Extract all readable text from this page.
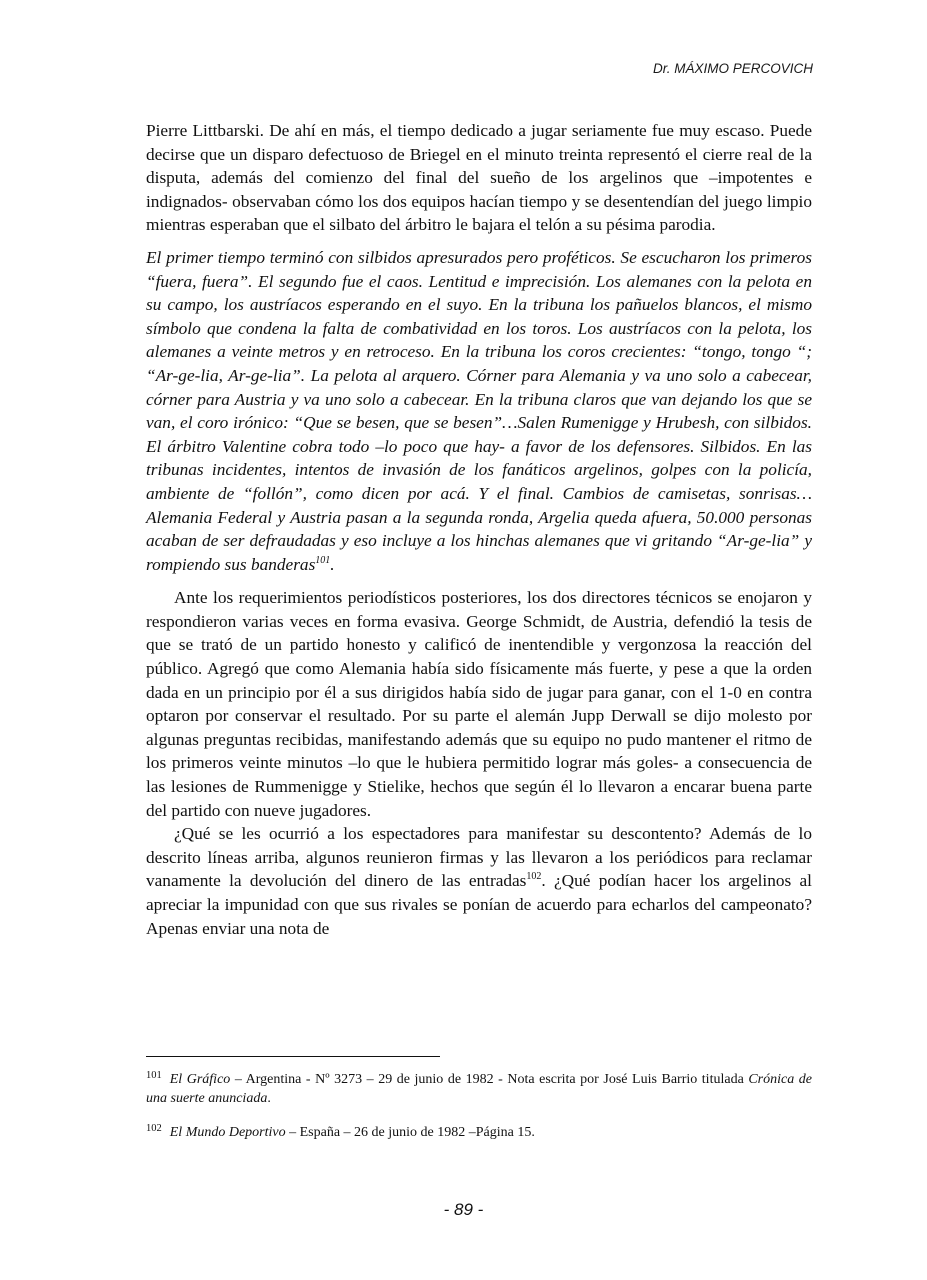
Dr. MÁXIMO PERCOVICH

Pierre Littbarski. De ahí en más, el tiempo dedicado a jugar seriamente fue muy escaso. Puede decirse que un disparo defectuoso de Briegel en el minuto treinta representó el cierre real de la disputa, además del comienzo del final del sueño de los argelinos que –impotentes e indignados- observaban cómo los dos equipos hacían tiempo y se desentendían del juego limpio mientras esperaban que el silbato del árbitro le bajara el telón a su pésima parodia.

El primer tiempo terminó con silbidos apresurados pero proféticos. Se escucharon los primeros “fuera, fuera”. El segundo fue el caos. Lentitud e imprecisión. Los alemanes con la pelota en su campo, los austríacos esperando en el suyo. En la tribuna los pañuelos blancos, el mismo símbolo que condena la falta de combatividad en los toros. Los austríacos con la pelota, los alemanes a veinte metros y en retroceso. En la tribuna los coros crecientes: “tongo, tongo “; “Ar-ge-lia, Ar-ge-lia”. La pelota al arquero. Córner para Alemania y va uno solo a cabecear, córner para Austria y va uno solo a cabecear. En la tribuna claros que van dejando los que se van, el coro irónico: “Que se besen, que se besen”…Salen Rumenigge y Hrubesh, con silbidos. El árbitro Valentine cobra todo –lo poco que hay- a favor de los defensores. Silbidos. En las tribunas incidentes, intentos de invasión de los fanáticos argelinos, golpes con la policía, ambiente de “follón”, como dicen por acá. Y el final. Cambios de camisetas, sonrisas… Alemania Federal y Austria pasan a la segunda ronda, Argelia queda afuera, 50.000 personas acaban de ser defraudadas y eso incluye a los hinchas alemanes que vi gritando “Ar-ge-lia” y rompiendo sus banderas$^{101}$.

Ante los requerimientos periodísticos posteriores, los dos directores técnicos se enojaron y respondieron varias veces en forma evasiva. George Schmidt, de Austria, defendió la tesis de que se trató de un partido honesto y calificó de inentendible y vergonzosa la reacción del público. Agregó que como Alemania había sido físicamente más fuerte, y pese a que la orden dada en un principio por él a sus dirigidos había sido de jugar para ganar, con el 1-0 en contra optaron por conservar el resultado. Por su parte el alemán Jupp Derwall se dijo molesto por algunas preguntas recibidas, manifestando además que su equipo no pudo mantener el ritmo de los primeros veinte minutos –lo que le hubiera permitido lograr más goles- a consecuencia de las lesiones de Rummenigge y Stielike, hechos que según él lo llevaron a encarar buena parte del partido con nueve jugadores.

¿Qué se les ocurrió a los espectadores para manifestar su descontento? Además de lo descrito líneas arriba, algunos reunieron firmas y las llevaron a los periódicos para reclamar vanamente la devolución del dinero de las entradas$^{102}$. ¿Qué podían hacer los argelinos al apreciar la impunidad con que sus rivales se ponían de acuerdo para echarlos del campeonato? Apenas enviar una nota de

$^{101}$ El Gráfico – Argentina - Nº 3273 – 29 de junio de 1982 - Nota escrita por José Luis Barrio titulada Crónica de una suerte anunciada.

$^{102}$ El Mundo Deportivo – España – 26 de junio de 1982 –Página 15.

- 89 -
